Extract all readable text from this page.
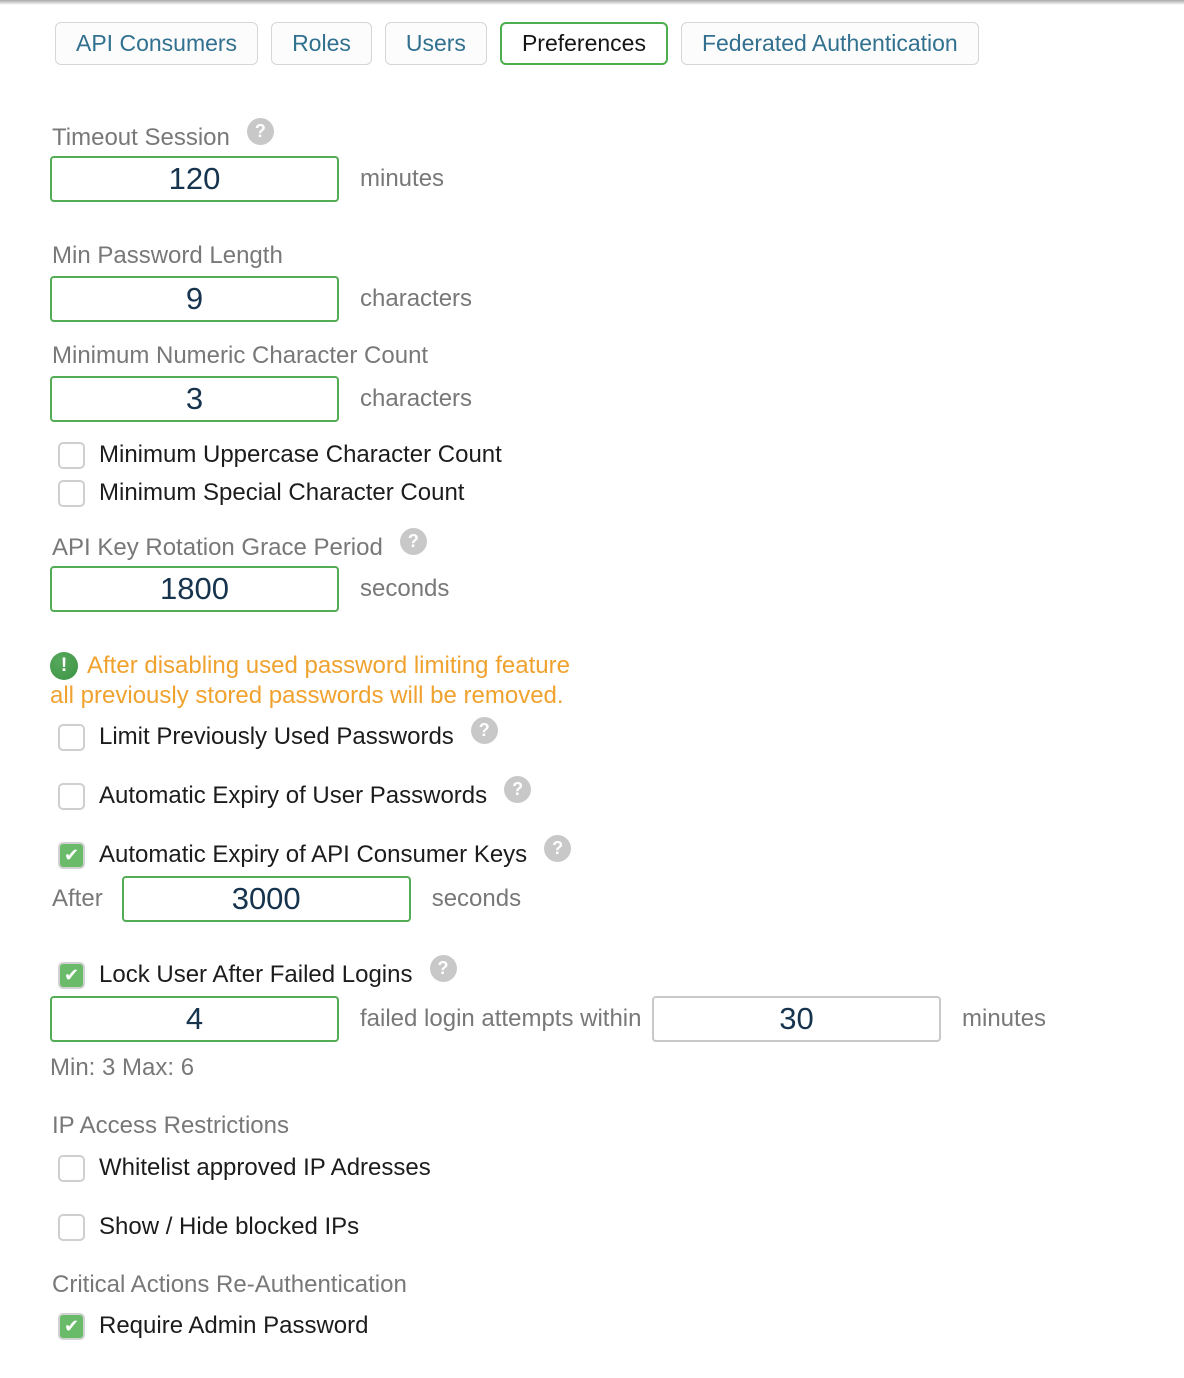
API Consumers	Roles	Users	Preferences	Federated Authentication
Timeout Session	?
120
minutes
Min Password Length
9
characters
Minimum Numeric Character Count
3
characters
Minimum Uppercase Character Count
Minimum Special Character Count
API Key Rotation Grace Period	?
1800
seconds
! After disabling used password limiting feature
all previously stored passwords will be removed.
Limit Previously Used Passwords	?
Automatic Expiry of User Passwords	?
✔ Automatic Expiry of API Consumer Keys	?
After
3000	seconds
✔ Lock User After Failed Logins	?
4
failed login attempts within
30	minutes
Min: 3 Max: 6
IP Access Restrictions
Whitelist approved IP Adresses
Show / Hide blocked IPs
Critical Actions Re-Authentication
✔ Require Admin Password
